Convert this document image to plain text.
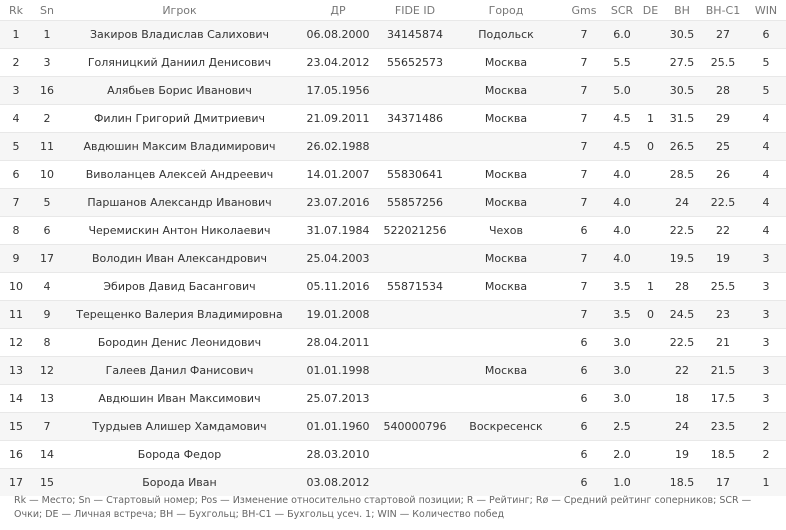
Rk	Sn	Игрок	ДР	FIDE ID	Город	Gms	SCR	DE	BH	BH-C1	WIN
1	1	Закиров Владислав Салихович	06.08.2000	34145874	Подольск	7	6.0		30.5	27	6
2	3	Голяницкий Даниил Денисович	23.04.2012	55652573	Москва	7	5.5		27.5	25.5	5
3	16	Алябьев Борис Иванович	17.05.1956		Москва	7	5.0		30.5	28	5
4	2	Филин Григорий Дмитриевич	21.09.2011	34371486	Москва	7	4.5	1	31.5	29	4
5	11	Авдюшин Максим Владимирович	26.02.1988			7	4.5	0	26.5	25	4
6	10	Виволанцев Алексей Андреевич	14.01.2007	55830641	Москва	7	4.0		28.5	26	4
7	5	Паршанов Александр Иванович	23.07.2016	55857256	Москва	7	4.0		24	22.5	4
8	6	Черемискин Антон Николаевич	31.07.1984	522021256	Чехов	6	4.0		22.5	22	4
9	17	Володин Иван Александрович	25.04.2003		Москва	7	4.0		19.5	19	3
10	4	Эбиров Давид Басангович	05.11.2016	55871534	Москва	7	3.5	1	28	25.5	3
11	9	Терещенко Валерия Владимировна	19.01.2008			7	3.5	0	24.5	23	3
12	8	Бородин Денис Леонидович	28.04.2011			6	3.0		22.5	21	3
13	12	Галеев Данил Фанисович	01.01.1998		Москва	6	3.0		22	21.5	3
14	13	Авдюшин Иван Максимович	25.07.2013			6	3.0		18	17.5	3
15	7	Турдыев Алишер Хамдамович	01.01.1960	540000796	Воскресенск	6	2.5		24	23.5	2
16	14	Борода Федор	28.03.2010			6	2.0		19	18.5	2
17	15	Борода Иван	03.08.2012			6	1.0		18.5	17	1
Rk — Место; Sn — Стартовый номер; Pos — Изменение относительно стартовой позиции; R — Рейтинг; Rø — Средний рейтинг соперников; SCR — Очки; DE — Личная встреча; BH — Бухгольц; BH-C1 — Бухгольц усеч. 1; WIN — Количество побед
